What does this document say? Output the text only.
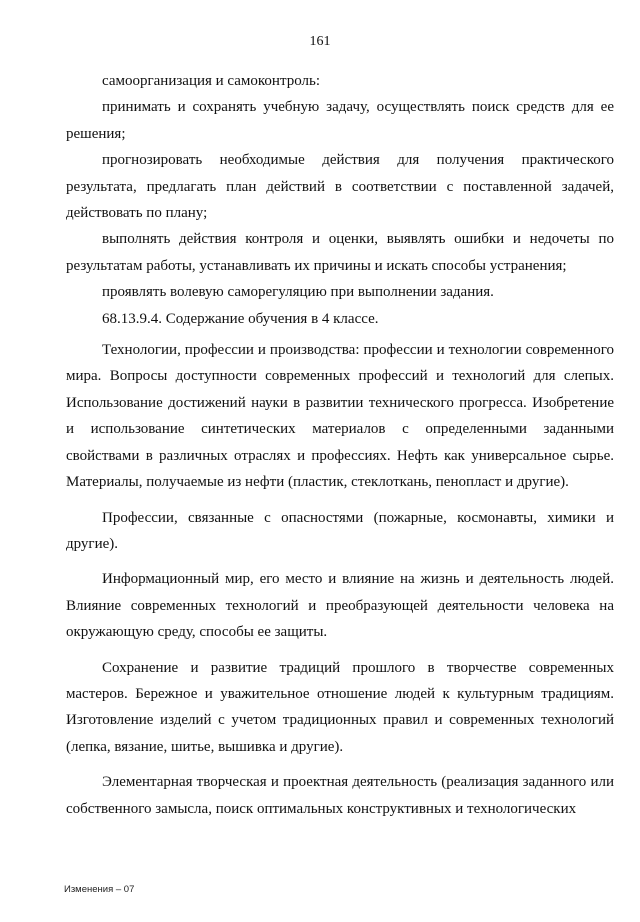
161

самоорганизация и самоконтроль:

принимать и сохранять учебную задачу, осуществлять поиск средств для ее решения;

прогнозировать необходимые действия для получения практического результата, предлагать план действий в соответствии с поставленной задачей, действовать по плану;

выполнять действия контроля и оценки, выявлять ошибки и недочеты по результатам работы, устанавливать их причины и искать способы устранения;

проявлять волевую саморегуляцию при выполнении задания.

68.13.9.4. Содержание обучения в 4 классе.

Технологии, профессии и производства: профессии и технологии современного мира. Вопросы доступности современных профессий и технологий для слепых. Использование достижений науки в развитии технического прогресса. Изобретение и использование синтетических материалов с определенными заданными свойствами в различных отраслях и профессиях. Нефть как универсальное сырье. Материалы, получаемые из нефти (пластик, стеклоткань, пенопласт и другие).

Профессии, связанные с опасностями (пожарные, космонавты, химики и другие).

Информационный мир, его место и влияние на жизнь и деятельность людей. Влияние современных технологий и преобразующей деятельности человека на окружающую среду, способы ее защиты.

Сохранение и развитие традиций прошлого в творчестве современных мастеров. Бережное и уважительное отношение людей к культурным традициям. Изготовление изделий с учетом традиционных правил и современных технологий (лепка, вязание, шитье, вышивка и другие).

Элементарная творческая и проектная деятельность (реализация заданного или собственного замысла, поиск оптимальных конструктивных и технологических

Изменения – 07
